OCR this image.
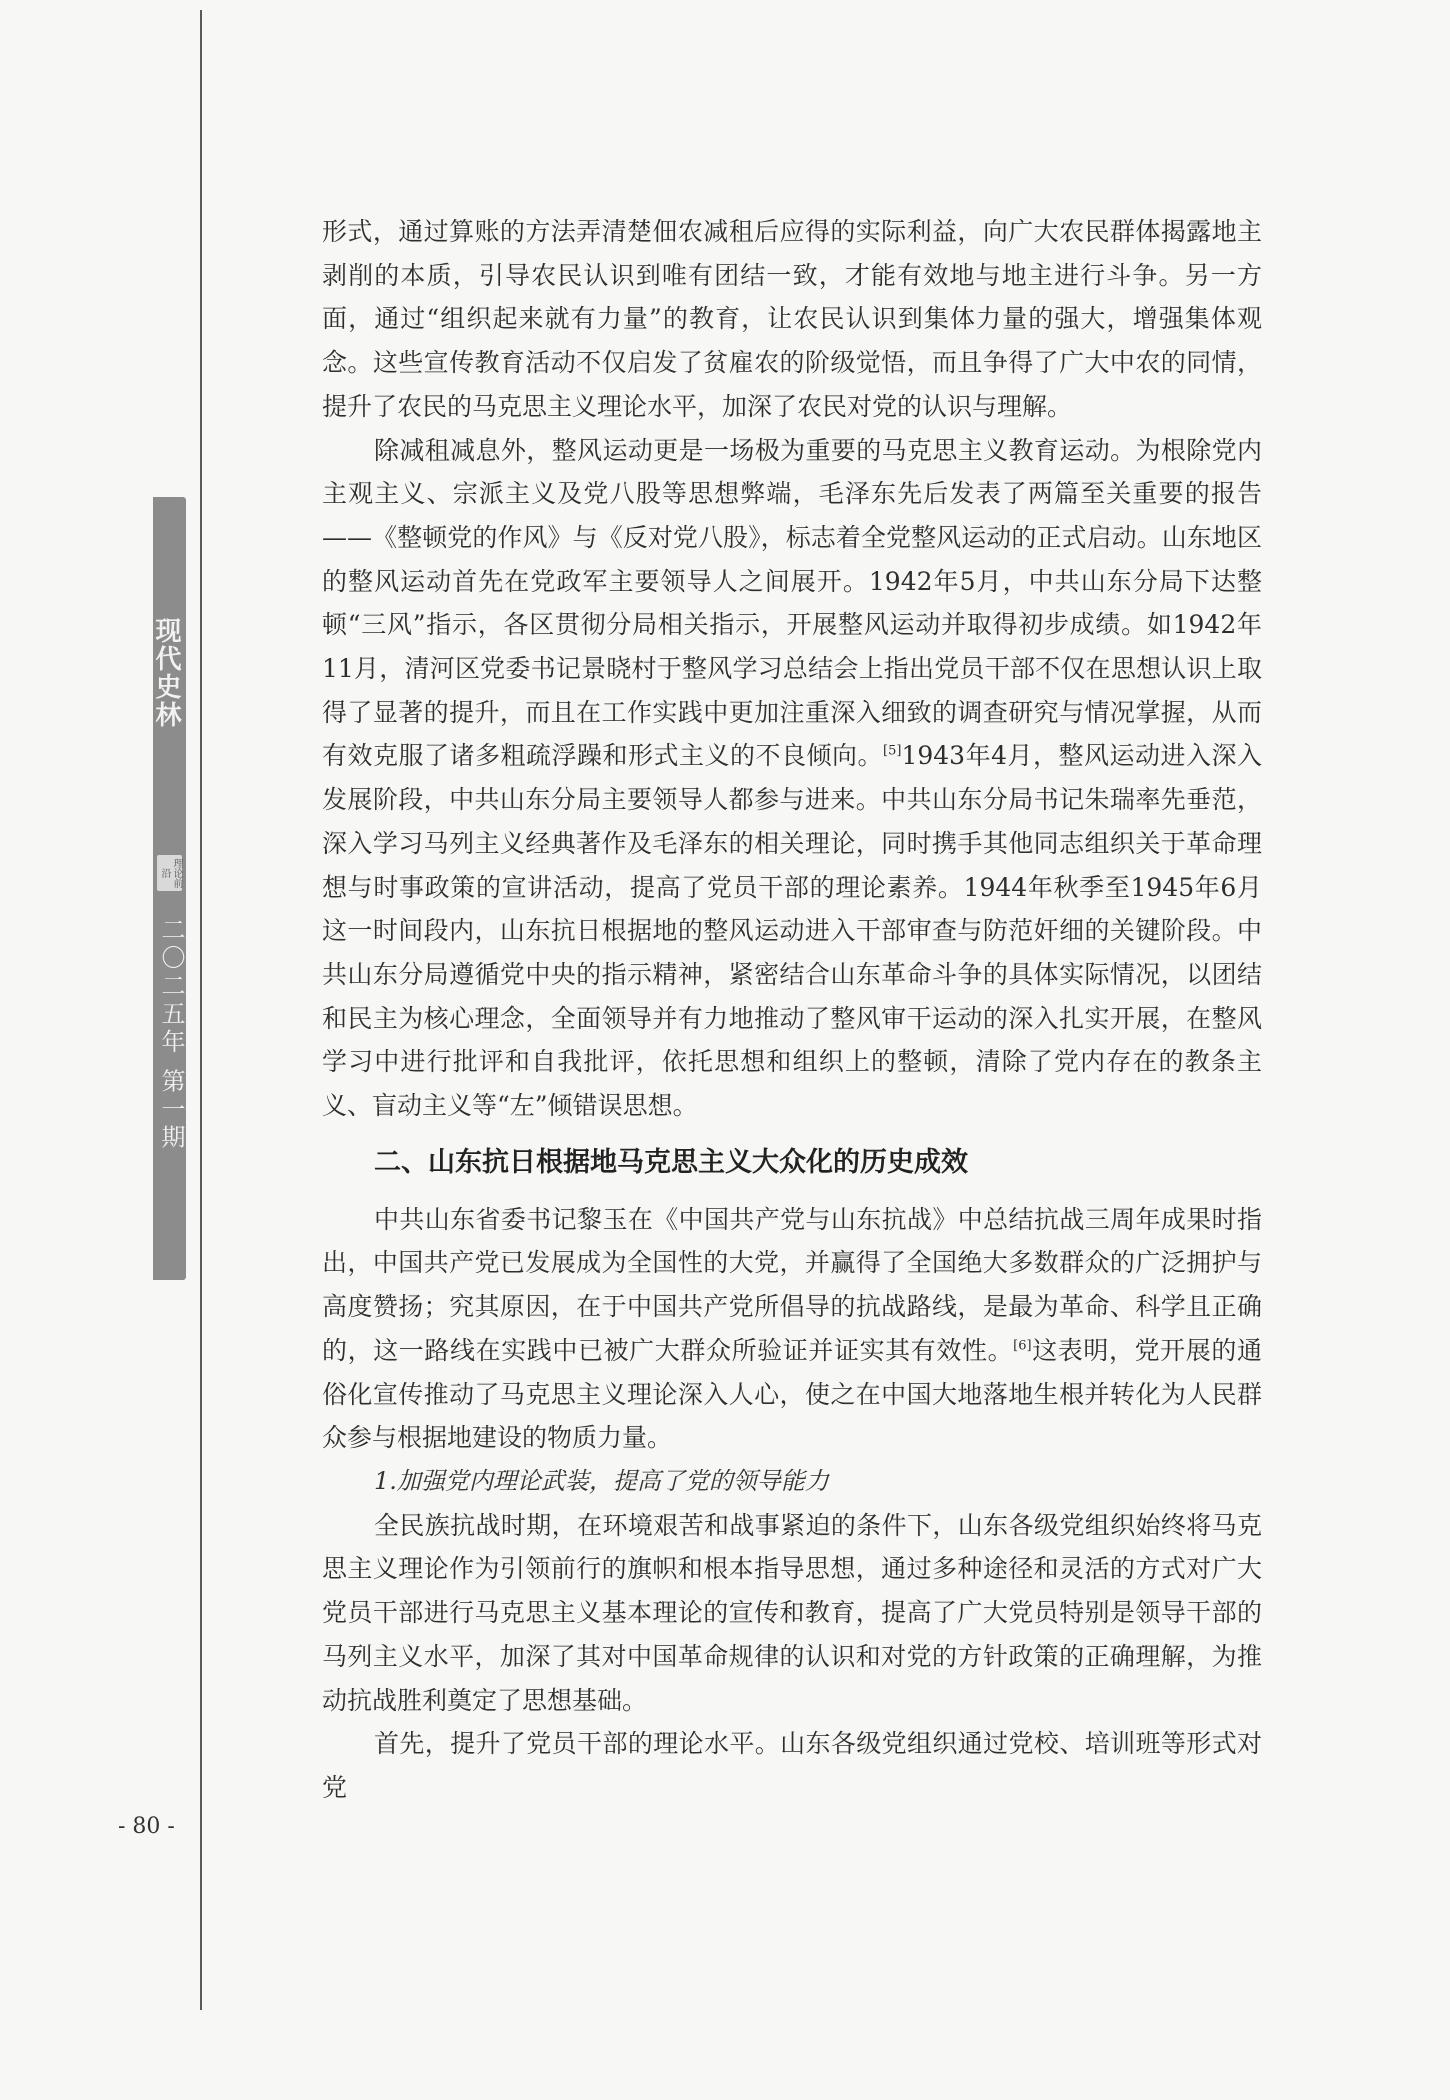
现代史林
理论前沿
二〇二五年 第一期
- 80 -

形式，通过算账的方法弄清楚佃农减租后应得的实际利益，向广大农民群体揭露地主剥削的本质，引导农民认识到唯有团结一致，才能有效地与地主进行斗争。另一方面，通过“组织起来就有力量”的教育，让农民认识到集体力量的强大，增强集体观念。这些宣传教育活动不仅启发了贫雇农的阶级觉悟，而且争得了广大中农的同情，提升了农民的马克思主义理论水平，加深了农民对党的认识与理解。

除减租减息外，整风运动更是一场极为重要的马克思主义教育运动。为根除党内主观主义、宗派主义及党八股等思想弊端，毛泽东先后发表了两篇至关重要的报告——《整顿党的作风》与《反对党八股》，标志着全党整风运动的正式启动。山东地区的整风运动首先在党政军主要领导人之间展开。1942年5月，中共山东分局下达整顿“三风”指示，各区贯彻分局相关指示，开展整风运动并取得初步成绩。如1942年11月，清河区党委书记景晓村于整风学习总结会上指出党员干部不仅在思想认识上取得了显著的提升，而且在工作实践中更加注重深入细致的调查研究与情况掌握，从而有效克服了诸多粗疏浮躁和形式主义的不良倾向。[5]1943年4月，整风运动进入深入发展阶段，中共山东分局主要领导人都参与进来。中共山东分局书记朱瑞率先垂范，深入学习马列主义经典著作及毛泽东的相关理论，同时携手其他同志组织关于革命理想与时事政策的宣讲活动，提高了党员干部的理论素养。1944年秋季至1945年6月这一时间段内，山东抗日根据地的整风运动进入干部审查与防范奸细的关键阶段。中共山东分局遵循党中央的指示精神，紧密结合山东革命斗争的具体实际情况，以团结和民主为核心理念，全面领导并有力地推动了整风审干运动的深入扎实开展，在整风学习中进行批评和自我批评，依托思想和组织上的整顿，清除了党内存在的教条主义、盲动主义等“左”倾错误思想。

二、山东抗日根据地马克思主义大众化的历史成效

中共山东省委书记黎玉在《中国共产党与山东抗战》中总结抗战三周年成果时指出，中国共产党已发展成为全国性的大党，并赢得了全国绝大多数群众的广泛拥护与高度赞扬；究其原因，在于中国共产党所倡导的抗战路线，是最为革命、科学且正确的，这一路线在实践中已被广大群众所验证并证实其有效性。[6]这表明，党开展的通俗化宣传推动了马克思主义理论深入人心，使之在中国大地落地生根并转化为人民群众参与根据地建设的物质力量。

1.加强党内理论武装，提高了党的领导能力

全民族抗战时期，在环境艰苦和战事紧迫的条件下，山东各级党组织始终将马克思主义理论作为引领前行的旗帜和根本指导思想，通过多种途径和灵活的方式对广大党员干部进行马克思主义基本理论的宣传和教育，提高了广大党员特别是领导干部的马列主义水平，加深了其对中国革命规律的认识和对党的方针政策的正确理解，为推动抗战胜利奠定了思想基础。

首先，提升了党员干部的理论水平。山东各级党组织通过党校、培训班等形式对党
